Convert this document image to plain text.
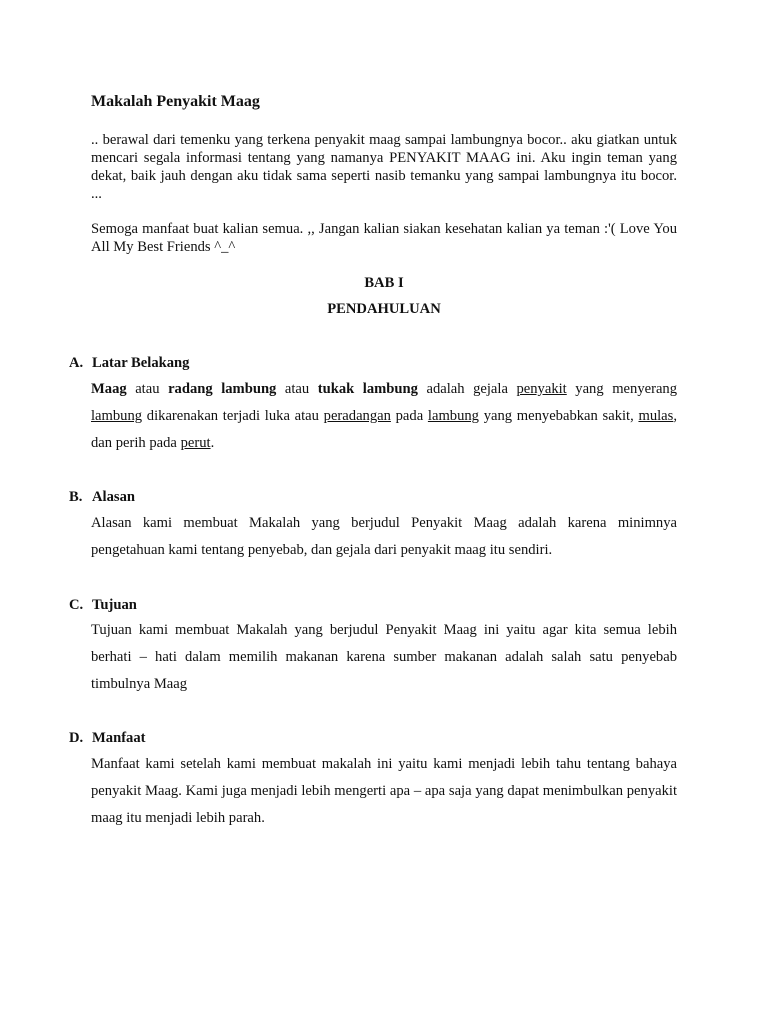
Makalah Penyakit Maag

.. berawal dari temenku yang terkena penyakit maag sampai lambungnya bocor.. aku giatkan untuk mencari segala informasi tentang yang namanya PENYAKIT MAAG ini. Aku ingin teman yang dekat, baik jauh dengan aku tidak sama seperti nasib temanku yang sampai lambungnya itu bocor. ...

Semoga manfaat buat kalian semua. ,, Jangan kalian siakan kesehatan kalian ya teman :'( Love You All My Best Friends ^_^

BAB I

PENDAHULUAN

A. Latar Belakang

Maag atau radang lambung atau tukak lambung adalah gejala penyakit yang menyerang lambung dikarenakan terjadi luka atau peradangan pada lambung yang menyebabkan sakit, mulas, dan perih pada perut.

B. Alasan

Alasan kami membuat Makalah yang berjudul Penyakit Maag adalah karena minimnya pengetahuan kami tentang penyebab, dan gejala dari penyakit maag itu sendiri.

C. Tujuan

Tujuan kami membuat Makalah yang berjudul Penyakit Maag ini yaitu agar kita semua lebih berhati – hati dalam memilih makanan karena sumber makanan adalah salah satu penyebab timbulnya Maag

D. Manfaat

Manfaat kami setelah kami membuat makalah ini yaitu kami menjadi lebih tahu tentang bahaya penyakit Maag. Kami juga menjadi lebih mengerti apa – apa saja yang dapat menimbulkan penyakit maag itu menjadi lebih parah.
